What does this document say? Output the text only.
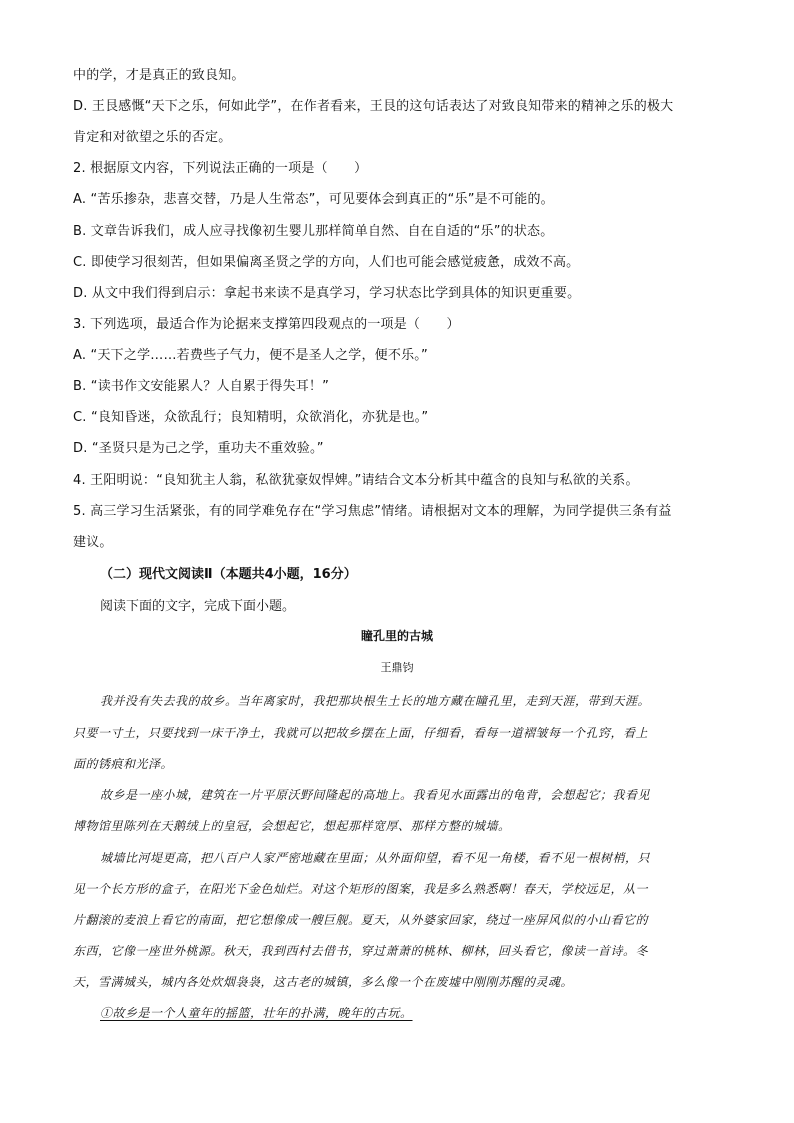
中的学，才是真正的致良知。
D. 王艮感慨“天下之乐，何如此学”，在作者看来，王艮的这句话表达了对致良知带来的精神之乐的极大
肯定和对欲望之乐的否定。
2. 根据原文内容，下列说法正确的一项是（　　）
A. “苦乐掺杂，悲喜交替，乃是人生常态”，可见要体会到真正的“乐”是不可能的。
B. 文章告诉我们，成人应寻找像初生婴儿那样简单自然、自在自适的“乐”的状态。
C. 即使学习很刻苦，但如果偏离圣贤之学的方向，人们也可能会感觉疲惫，成效不高。
D. 从文中我们得到启示：拿起书来读不是真学习，学习状态比学到具体的知识更重要。
3. 下列选项，最适合作为论据来支撑第四段观点的一项是（　　）
A. “天下之学……若费些子气力，便不是圣人之学，便不乐。”
B. “读书作文安能累人？人自累于得失耳！”
C. “良知昏迷，众欲乱行；良知精明，众欲消化，亦犹是也。”
D. “圣贤只是为己之学，重功夫不重效验。”
4. 王阳明说：“良知犹主人翁，私欲犹豪奴悍婢。”请结合文本分析其中蕴含的良知与私欲的关系。
5. 高三学习生活紧张，有的同学难免存在“学习焦虑”情绪。请根据对文本的理解，为同学提供三条有益
建议。
（二）现代文阅读Ⅱ（本题共4小题，16分）
阅读下面的文字，完成下面小题。
瞳孔里的古城
王鼎钧
我并没有失去我的故乡。当年离家时，我把那块根生土长的地方藏在瞳孔里，走到天涯，带到天涯。
只要一寸土，只要找到一床干净土，我就可以把故乡摆在上面，仔细看，看每一道褶皱每一个孔窍，看上
面的锈痕和光泽。
故乡是一座小城，建筑在一片平原沃野间隆起的高地上。我看见水面露出的龟背，会想起它；我看见
博物馆里陈列在天鹅绒上的皇冠，会想起它，想起那样宽厚、那样方整的城墙。
城墙比河堤更高，把八百户人家严密地藏在里面；从外面仰望，看不见一角楼，看不见一根树梢，只
见一个长方形的盒子，在阳光下金色灿烂。对这个矩形的图案，我是多么熟悉啊！春天，学校远足，从一
片翻滚的麦浪上看它的南面，把它想像成一艘巨舰。夏天，从外婆家回家，绕过一座屏风似的小山看它的
东西，它像一座世外桃源。秋天，我到西村去借书，穿过萧萧的桃林、柳林，回头看它，像读一首诗。冬
天，雪满城头，城内各处炊烟袅袅，这古老的城镇，多么像一个在废墟中刚刚苏醒的灵魂。
①故乡是一个人童年的摇篮，壮年的扑满，晚年的古玩。
